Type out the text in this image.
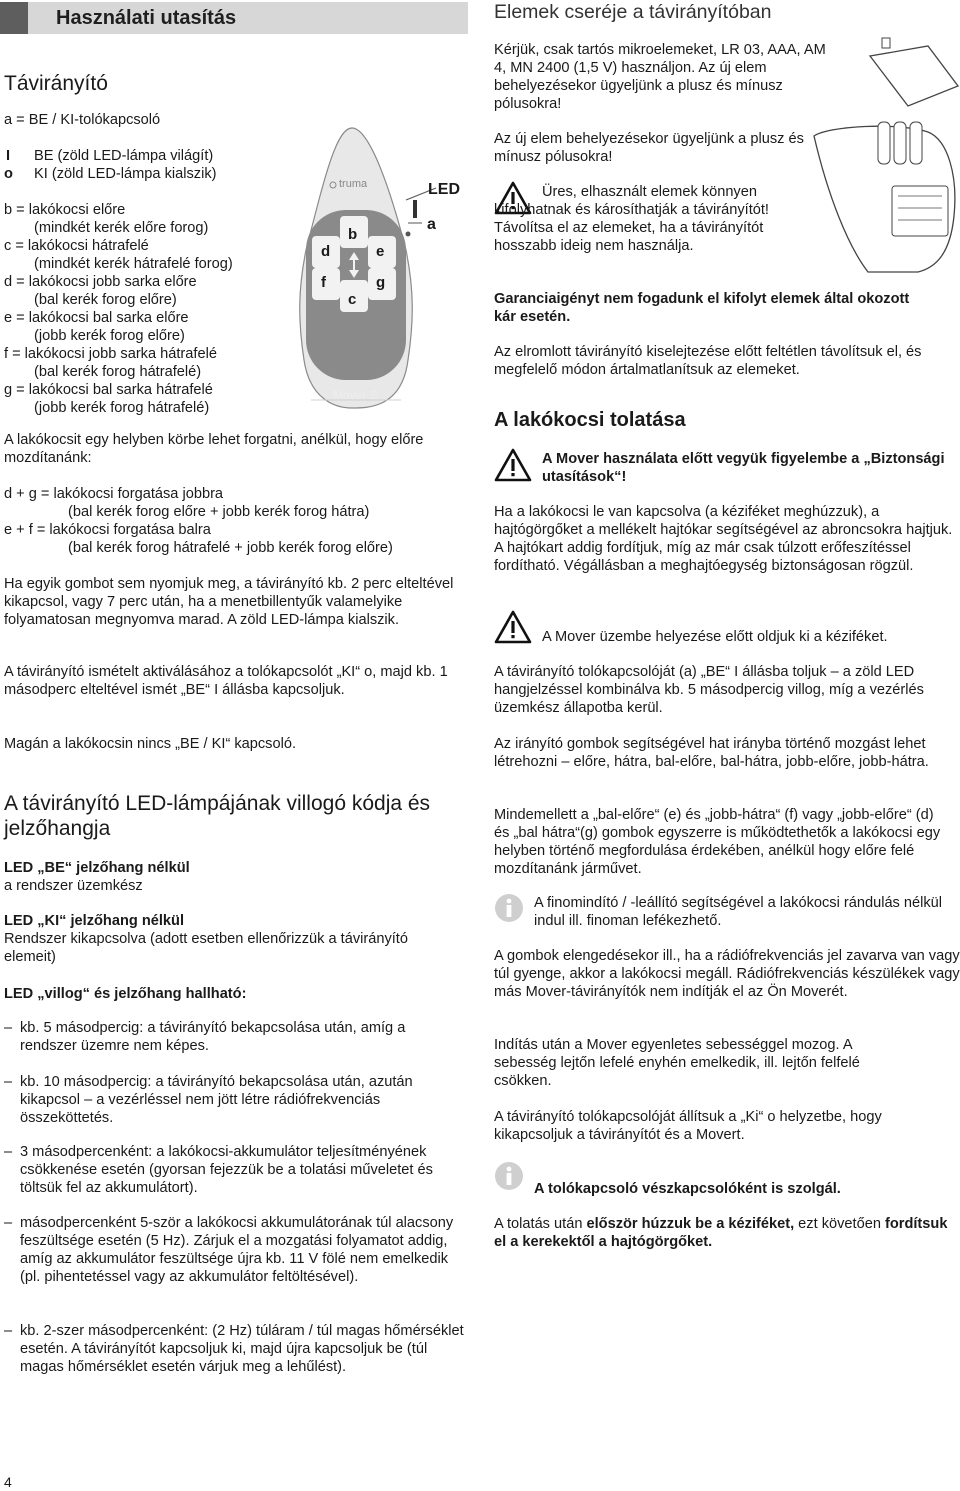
Használati utasítás
Távirányító
a = BE / KI-tolókapcsoló
I BE (zöld LED-lámpa világít)
o KI (zöld LED-lámpa kialszik)
b = lakókocsi előre
(mindkét kerék előre forog)
c = lakókocsi hátrafelé
(mindkét kerék hátrafelé forog)
d = lakókocsi jobb sarka előre
(bal kerék forog előre)
e = lakókocsi bal sarka előre
(jobb kerék forog előre)
f = lakókocsi jobb sarka hátrafelé
(bal kerék forog hátrafelé)
g = lakókocsi bal sarka hátrafelé
(jobb kerék forog hátrafelé)
truma
b
c
d
f
e
g
LED
a
Mover S

A lakókocsit egy helyben körbe lehet forgatni, anélkül, hogy előre mozdítanánk:

d + g = lakókocsi forgatása jobbra
(bal kerék forog előre + jobb kerék forog hátra)
e + f = lakókocsi forgatása balra
(bal kerék forog hátrafelé + jobb kerék forog előre)

Ha egyik gombot sem nyomjuk meg, a távirányító kb. 2 perc elteltével kikapcsol, vagy 7 perc után, ha a menetbillentyűk valamelyike folyamatosan megnyomva marad. A zöld LED-lámpa kialszik.

A távirányító ismételt aktiválásához a tolókapcsolót „KI“ o, majd kb. 1 másodperc elteltével ismét „BE“ I állásba kapcsoljuk.

Magán a lakókocsin nincs „BE / KI“ kapcsoló.

A távirányító LED-lámpájának villogó kódja és jelzőhangja

LED „BE“ jelzőhang nélkül

a rendszer üzemkész

LED „KI“ jelzőhang nélkül

Rendszer kikapcsolva (adott esetben ellenőrizzük a távirányító elemeit)

LED „villog“ és jelzőhang hallható:

– kb. 5 másodpercig: a távirányító bekapcsolása után, amíg a rendszer üzemre nem képes.

– kb. 10 másodpercig: a távirányító bekapcsolása után, azután kikapcsol – a vezérléssel nem jött létre rádiófrekvenciás összeköttetés.

– 3 másodpercenként: a lakókocsi-akkumulátor teljesítményének csökkenése esetén (gyorsan fejezzük be a tolatási műveletet és töltsük fel az akkumulátort).

– másodpercenként 5-ször a lakókocsi akkumulátorának túl alacsony feszültsége esetén (5 Hz). Zárjuk el a mozgatási folyamatot addig, amíg az akkumulátor feszültsége újra kb. 11 V fölé nem emelkedik (pl. pihentetéssel vagy az akkumulátor feltöltésével).

– kb. 2-szer másodpercenként: (2 Hz) túláram / túl magas hőmérséklet esetén. A távirányítót kapcsoljuk ki, majd újra kapcsoljuk be (túl magas hőmérséklet esetén várjuk meg a lehűlést).

4
Elemek cseréje a távirányítóban

Kérjük, csak tartós mikroelemeket, LR 03, AAA, AM 4, MN 2400 (1,5 V) használjon. Az új elem behelyezésekor ügyeljünk a plusz és mínusz pólusokra!

Az új elem behelyezésekor ügyeljünk a plusz és mínusz pólusokra!

Üres, elhasznált elemek könnyen kifolyhatnak és károsíthatják a távirányítót! Távolítsa el az elemeket, ha a távirányítót hosszabb ideig nem használja.

Garanciaigényt nem fogadunk el kifolyt elemek által okozott kár esetén.

Az elromlott távirányító kiselejtezése előtt feltétlen távolítsuk el, és megfelelő módon ártalmatlanítsuk az elemeket.

A lakókocsi tolatása

A Mover használata előtt vegyük figyelembe a „Biztonsági utasítások“!

Ha a lakókocsi le van kapcsolva (a kéziféket meghúzzuk), a hajtógörgőket a mellékelt hajtókar segítségével az abroncsokra hajtjuk. A hajtókart addig fordítjuk, míg az már csak túlzott erőfeszítéssel fordítható. Végállásban a meghajtóegység biztonságosan rögzül.

A Mover üzembe helyezése előtt oldjuk ki a kéziféket.

A távirányító tolókapcsolóját (a) „BE“ I állásba toljuk – a zöld LED hangjelzéssel kombinálva kb. 5 másodpercig villog, míg a vezérlés üzemkész állapotba kerül.

Az irányító gombok segítségével hat irányba történő mozgást lehet létrehozni – előre, hátra, bal-előre, bal-hátra, jobb-előre, jobb-hátra.

Mindemellett a „bal-előre“ (e) és „jobb-hátra“ (f) vagy „jobb-előre“ (d) és „bal hátra“(g) gombok egyszerre is működtethetők a lakókocsi egy helyben történő megfordulása érdekében, anélkül hogy előre felé mozdítanánk járművet.

A finomindító / -leállító segítségével a lakókocsi rándulás nélkül indul ill. finoman lefékezhető.

A gombok elengedésekor ill., ha a rádiófrekvenciás jel zavarva van vagy túl gyenge, akkor a lakókocsi megáll. Rádiófrekvenciás készülékek vagy más Mover-távirányítók nem indítják el az Ön Moverét.

Indítás után a Mover egyenletes sebességgel mozog. A sebesség lejtőn lefelé enyhén emelkedik, ill. lejtőn felfelé csökken.

A távirányító tolókapcsolóját állítsuk a „Ki“ o helyzetbe, hogy kikapcsoljuk a távirányítót és a Movert.

A tolókapcsoló vészkapcsolóként is szolgál.

A tolatás után először húzzuk be a kéziféket, ezt követően fordítsuk el a kerekektől a hajtógörgőket.
